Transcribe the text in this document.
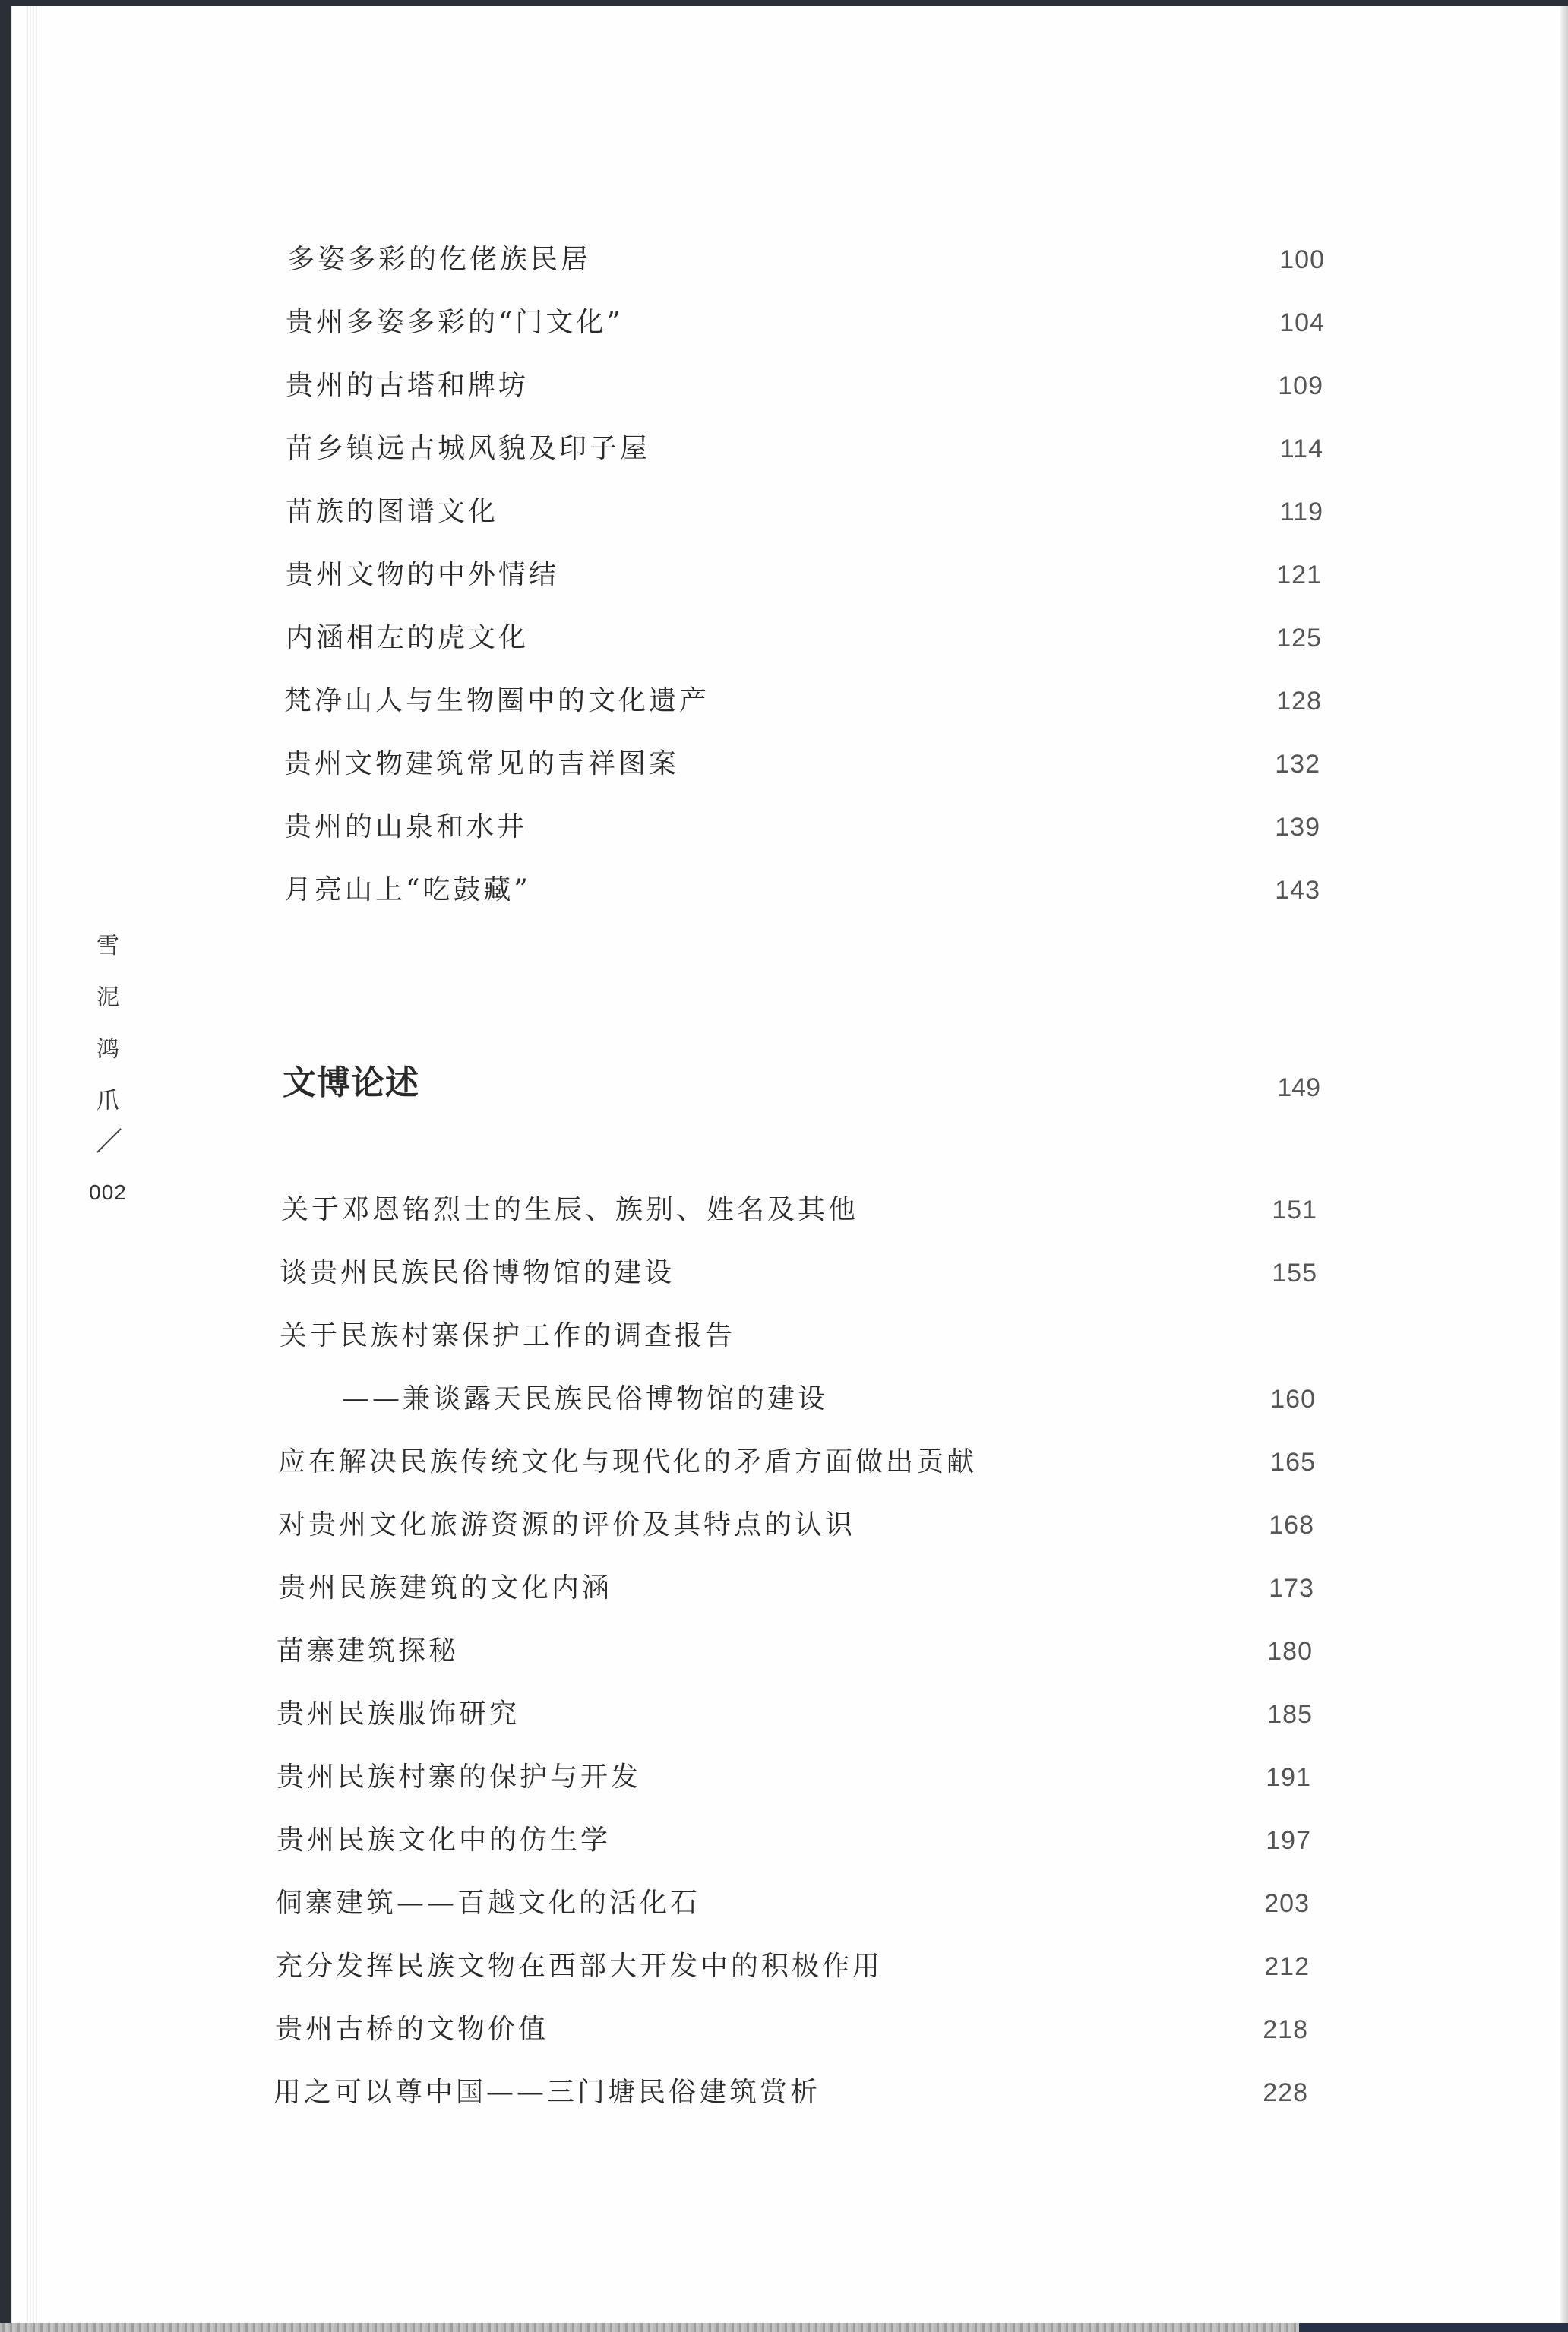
雪
泥
鸿
爪
002
多姿多彩的仡佬族民居	100
贵州多姿多彩的“门文化”	104
贵州的古塔和牌坊	109
苗乡镇远古城风貌及印子屋	114
苗族的图谱文化	119
贵州文物的中外情结	121
内涵相左的虎文化	125
梵净山人与生物圈中的文化遗产	128
贵州文物建筑常见的吉祥图案	132
贵州的山泉和水井	139
月亮山上“吃鼓藏”	143
文博论述	149
关于邓恩铭烈士的生辰、族别、姓名及其他	151
谈贵州民族民俗博物馆的建设	155
关于民族村寨保护工作的调查报告
——兼谈露天民族民俗博物馆的建设	160
应在解决民族传统文化与现代化的矛盾方面做出贡献	165
对贵州文化旅游资源的评价及其特点的认识	168
贵州民族建筑的文化内涵	173
苗寨建筑探秘	180
贵州民族服饰研究	185
贵州民族村寨的保护与开发	191
贵州民族文化中的仿生学	197
侗寨建筑——百越文化的活化石	203
充分发挥民族文物在西部大开发中的积极作用	212
贵州古桥的文物价值	218
用之可以尊中国——三门塘民俗建筑赏析	228
